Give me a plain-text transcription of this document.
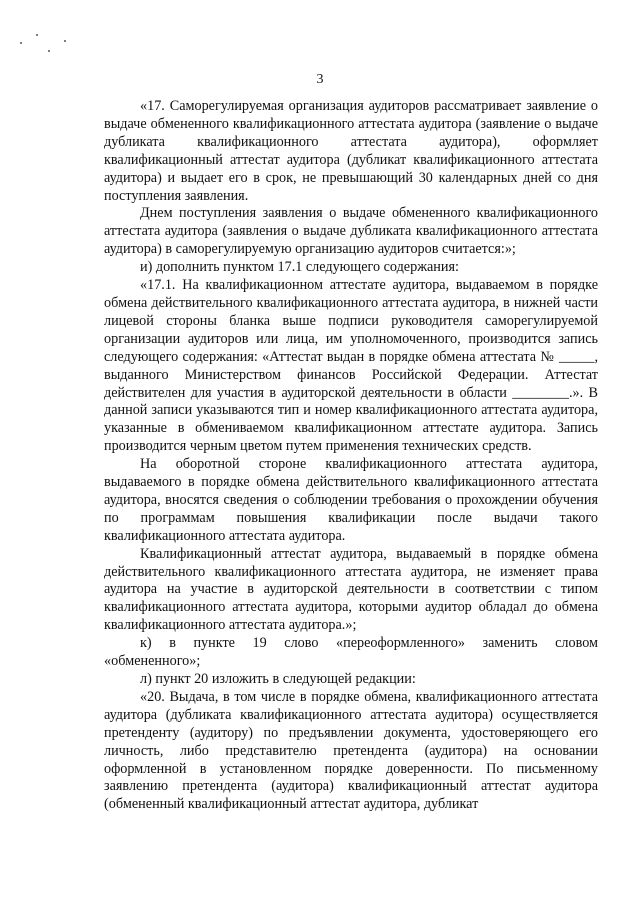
3

«17. Саморегулируемая организация аудиторов рассматривает заявление о выдаче обмененного квалификационного аттестата аудитора (заявление о выдаче дубликата квалификационного аттестата аудитора), оформляет квалификационный аттестат аудитора (дубликат квалификационного аттестата аудитора) и выдает его в срок, не превышающий 30 календарных дней со дня поступления заявления.

Днем поступления заявления о выдаче обмененного квалификационного аттестата аудитора (заявления о выдаче дубликата квалификационного аттестата аудитора) в саморегулируемую организацию аудиторов считается:»;

и) дополнить пунктом 17.1 следующего содержания:

«17.1. На квалификационном аттестате аудитора, выдаваемом в порядке обмена действительного квалификационного аттестата аудитора, в нижней части лицевой стороны бланка выше подписи руководителя саморегулируемой организации аудиторов или лица, им уполномоченного, производится запись следующего содержания: «Аттестат выдан в порядке обмена аттестата № _____, выданного Министерством финансов Российской Федерации. Аттестат действителен для участия в аудиторской деятельности в области ________.». В данной записи указываются тип и номер квалификационного аттестата аудитора, указанные в обмениваемом квалификационном аттестате аудитора. Запись производится черным цветом путем применения технических средств.

На оборотной стороне квалификационного аттестата аудитора, выдаваемого в порядке обмена действительного квалификационного аттестата аудитора, вносятся сведения о соблюдении требования о прохождении обучения по программам повышения квалификации после выдачи такого квалификационного аттестата аудитора.

Квалификационный аттестат аудитора, выдаваемый в порядке обмена действительного квалификационного аттестата аудитора, не изменяет права аудитора на участие в аудиторской деятельности в соответствии с типом квалификационного аттестата аудитора, которыми аудитор обладал до обмена квалификационного аттестата аудитора.»;

к) в пункте 19 слово «переоформленного» заменить словом «обмененного»;

л) пункт 20 изложить в следующей редакции:

«20. Выдача, в том числе в порядке обмена, квалификационного аттестата аудитора (дубликата квалификационного аттестата аудитора) осуществляется претенденту (аудитору) по предъявлении документа, удостоверяющего его личность, либо представителю претендента (аудитора) на основании оформленной в установленном порядке доверенности. По письменному заявлению претендента (аудитора) квалификационный аттестат аудитора (обмененный квалификационный аттестат аудитора, дубликат
